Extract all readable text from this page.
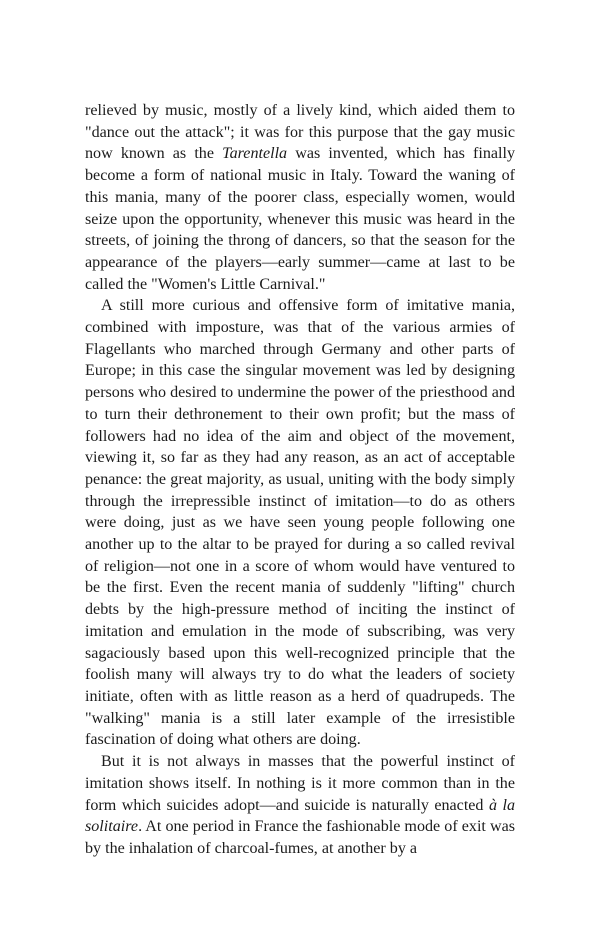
relieved by music, mostly of a lively kind, which aided them to "dance out the attack"; it was for this purpose that the gay music now known as the Tarentella was invented, which has finally become a form of national music in Italy. Toward the waning of this mania, many of the poorer class, especially women, would seize upon the opportunity, whenever this music was heard in the streets, of joining the throng of dancers, so that the season for the appearance of the players—early summer—came at last to be called the "Women's Little Carnival."

A still more curious and offensive form of imitative mania, combined with imposture, was that of the various armies of Flagellants who marched through Germany and other parts of Europe; in this case the singular movement was led by designing persons who desired to undermine the power of the priesthood and to turn their dethronement to their own profit; but the mass of followers had no idea of the aim and object of the movement, viewing it, so far as they had any reason, as an act of acceptable penance: the great majority, as usual, uniting with the body simply through the irrepressible instinct of imitation—to do as others were doing, just as we have seen young people following one another up to the altar to be prayed for during a so called revival of religion—not one in a score of whom would have ventured to be the first. Even the recent mania of suddenly "lifting" church debts by the high-pressure method of inciting the instinct of imitation and emulation in the mode of subscribing, was very sagaciously based upon this well-recognized principle that the foolish many will always try to do what the leaders of society initiate, often with as little reason as a herd of quadrupeds. The "walking" mania is a still later example of the irresistible fascination of doing what others are doing.

But it is not always in masses that the powerful instinct of imitation shows itself. In nothing is it more common than in the form which suicides adopt—and suicide is naturally enacted à la solitaire. At one period in France the fashionable mode of exit was by the inhalation of charcoal-fumes, at another by a
